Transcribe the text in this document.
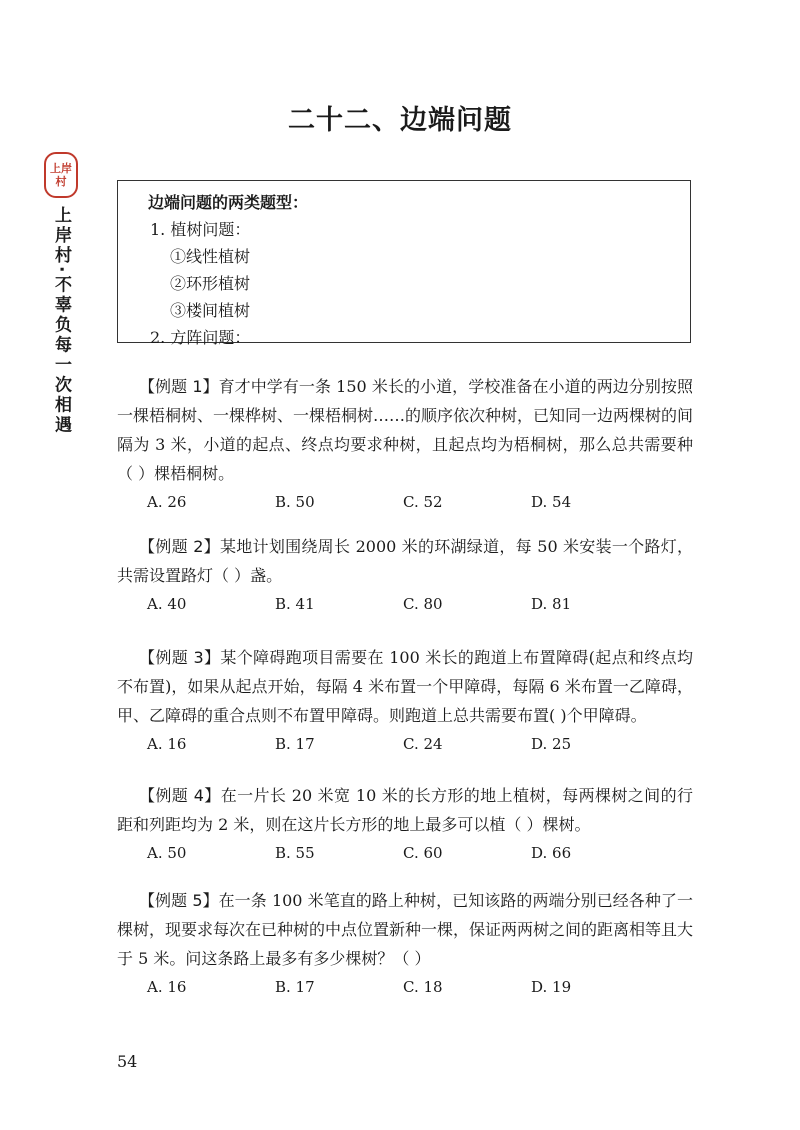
二十二、边端问题
上岸
村
上岸村·不辜负每一次相遇
边端问题的两类题型：
1. 植树问题：
①线性植树
②环形植树
③楼间植树
2. 方阵问题：

【例题 1】育才中学有一条 150 米长的小道，学校准备在小道的两边分别按照一棵梧桐树、一棵桦树、一棵梧桐树……的顺序依次种树，已知同一边两棵树的间隔为 3 米，小道的起点、终点均要求种树，且起点均为梧桐树，那么总共需要种（ ）棵梧桐树。

A. 26	B. 50	C. 52	D. 54

【例题 2】某地计划围绕周长 2000 米的环湖绿道，每 50 米安装一个路灯，共需设置路灯（ ）盏。

A. 40	B. 41	C. 80	D. 81

【例题 3】某个障碍跑项目需要在 100 米长的跑道上布置障碍(起点和终点均不布置)，如果从起点开始，每隔 4 米布置一个甲障碍，每隔 6 米布置一乙障碍，甲、乙障碍的重合点则不布置甲障碍。则跑道上总共需要布置( )个甲障碍。

A. 16	B. 17	C. 24	D. 25

【例题 4】在一片长 20 米宽 10 米的长方形的地上植树，每两棵树之间的行距和列距均为 2 米，则在这片长方形的地上最多可以植（ ）棵树。

A. 50	B. 55	C. 60	D. 66

【例题 5】在一条 100 米笔直的路上种树，已知该路的两端分别已经各种了一棵树，现要求每次在已种树的中点位置新种一棵，保证两两树之间的距离相等且大于 5 米。问这条路上最多有多少棵树？（ ）

A. 16	B. 17	C. 18	D. 19
54
